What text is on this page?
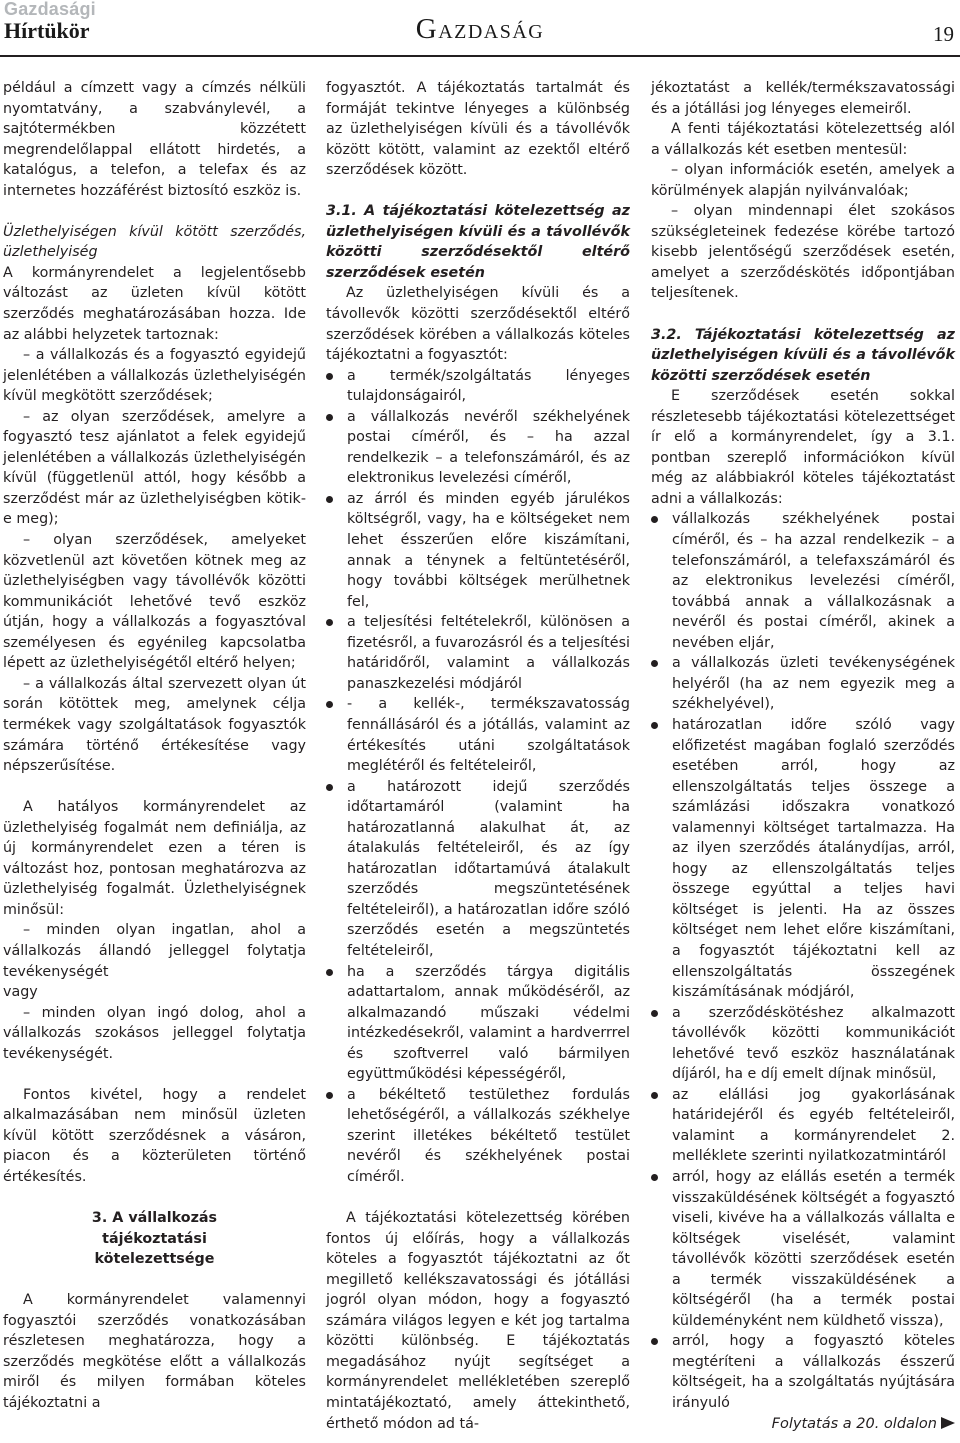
Gazdasági
Hírtükör	Gazdaság	19

például a címzett vagy a címzés nélküli nyomtatvány, a szabványlevél, a sajtótermékben közzétett megrendelőlappal ellátott hirdetés, a katalógus, a telefon, a telefax és az internetes hozzáférést biztosító eszköz is.

Üzlethelyiségen kívül kötött szerződés, üzlethelyiség

A kormányrendelet a legjelentősebb változást az üzleten kívül kötött szerződés meghatározásában hozza. Ide az alábbi helyzetek tartoznak:

– a vállalkozás és a fogyasztó egyidejű jelenlétében a vállalkozás üzlethelyiségén kívül megkötött szerződések;

– az olyan szerződések, amelyre a fogyasztó tesz ajánlatot a felek egyidejű jelenlétében a vállalkozás üzlethelyiségén kívül (függetlenül attól, hogy később a szerződést már az üzlethelyiségben kötik-e meg);

– olyan szerződések, amelyeket közvetlenül azt követően kötnek meg az üzlethelyiségben vagy távollévők közötti kommunikációt lehetővé tevő eszköz útján, hogy a vállalkozás a fogyasztóval személyesen és egyénileg kapcsolatba lépett az üzlethelyiségétől eltérő helyen;

– a vállalkozás által szervezett olyan út során kötöttek meg, amelynek célja termékek vagy szolgáltatások fogyasztók számára történő értékesítése vagy népszerűsítése.

A hatályos kormányrendelet az üzlethelyiség fogalmát nem definiálja, az új kormányrendelet ezen a téren is változást hoz, pontosan meghatározva az üzlethelyiség fogalmát. Üzlethelyiségnek minősül:

– minden olyan ingatlan, ahol a vállalkozás állandó jelleggel folytatja tevékenységét

vagy

– minden olyan ingó dolog, ahol a vállalkozás szokásos jelleggel folytatja tevékenységét.

Fontos kivétel, hogy a rendelet alkalmazásában nem minősül üzleten kívül kötött szerződésnek a vásáron, piacon és a közterületen történő értékesítés.

3. A vállalkozás tájékoztatási kötelezettsége

A kormányrendelet valamennyi fogyasztói szerződés vonatkozásában részletesen meghatározza, hogy a szerződés megkötése előtt a vállalkozás miről és milyen formában köteles tájékoztatni a

fogyasztót. A tájékoztatás tartalmát és formáját tekintve lényeges a különbség az üzlethelyiségen kívüli és a távollévők között kötött, valamint az ezektől eltérő szerződések között.

3.1. A tájékoztatási kötelezettség az üzlethelyiségen kívüli és a távollévők közötti szerződésektől eltérő szerződések esetén

Az üzlethelyiségen kívüli és a távollevők közötti szerződésektől eltérő szerződések körében a vállalkozás köteles tájékoztatni a fogyasztót:

a termék/szolgáltatás lényeges tulajdonságairól,

a vállalkozás nevéről székhelyének postai címéről, és – ha azzal rendelkezik – a telefonszámáról, és az elektronikus levelezési címéről,

az árról és minden egyéb járulékos költségről, vagy, ha e költségeket nem lehet ésszerűen előre kiszámítani, annak a ténynek a feltüntetéséről, hogy további költségek merülhetnek fel,

a teljesítési feltételekről, különösen a fizetésről, a fuvarozásról és a teljesítési határidőről, valamint a vállalkozás panaszkezelési módjáról

- a kellék-, termékszavatosság fennállásáról és a jótállás, valamint az értékesítés utáni szolgáltatások meglétéről és feltételeiről,

a határozott idejű szerződés időtartamáról (valamint ha határozatlanná alakulhat át, az átalakulás feltételeiről, és az így határozatlan időtartamúvá átalakult szerződés megszüntetésének feltételeiről), a határozatlan időre szóló szerződés esetén a megszüntetés feltételeiről,

ha a szerződés tárgya digitális adattartalom, annak működéséről, az alkalmazandó műszaki védelmi intézkedésekről, valamint a hardverrrel és szoftverrel való bármilyen együttműködési képességéről,

a békéltető testülethez fordulás lehetőségéről, a vállalkozás székhelye szerint illetékes békéltető testület nevéről és székhelyének postai címéről.

A tájékoztatási kötelezettség körében fontos új előírás, hogy a vállalkozás köteles a fogyasztót tájékoztatni az őt megillető kellékszavatossági és jótállási jogról olyan módon, hogy a fogyasztó számára világos legyen e két jog tartalma közötti különbség. E tájékoztatás megadásához nyújt segítséget a kormányrendelet mellékletében szereplő mintatájékoztató, amely áttekinthető, érthető módon ad tá-

jékoztatást a kellék/termékszavatossági és a jótállási jog lényeges elemeiről.

A fenti tájékoztatási kötelezettség alól a vállalkozás két esetben mentesül:

– olyan információk esetén, amelyek a körülmények alapján nyilvánvalóak;

– olyan mindennapi élet szokásos szükségleteinek fedezése körébe tartozó kisebb jelentőségű szerződések esetén, amelyet a szerződéskötés időpontjában teljesítenek.

3.2. Tájékoztatási kötelezettség az üzlethelyiségen kívüli és a távollévők közötti szerződések esetén

E szerződések esetén sokkal részletesebb tájékoztatási kötelezettséget ír elő a kormányrendelet, így a 3.1. pontban szereplő információkon kívül még az alábbiakról köteles tájékoztatást adni a vállalkozás:

vállalkozás székhelyének postai címéről, és – ha azzal rendelkezik – a telefonszámáról, a telefaxszámáról és az elektronikus levelezési címéről, továbbá annak a vállalkozásnak a nevéről és postai címéről, akinek a nevében eljár,

a vállalkozás üzleti tevékenységének helyéről (ha az nem egyezik meg a székhelyével),

határozatlan időre szóló vagy előfizetést magában foglaló szerződés esetében arról, hogy az ellenszolgáltatás teljes összege a számlázási időszakra vonatkozó valamennyi költséget tartalmazza. Ha az ilyen szerződés átalánydíjas, arról, hogy az ellenszolgáltatás teljes összege egyúttal a teljes havi költséget is jelenti. Ha az összes költséget nem lehet előre kiszámítani, a fogyasztót tájékoztatni kell az ellenszolgáltatás összegének kiszámításának módjáról,

a szerződéskötéshez alkalmazott távollévők közötti kommunikációt lehetővé tevő eszköz használatának díjáról, ha e díj emelt díjnak minősül,

az elállási jog gyakorlásának határidejéről és egyéb feltételeiről, valamint a kormányrendelet 2. melléklete szerinti nyilatkozatmintáról

arról, hogy az elállás esetén a termék visszaküldésének költségét a fogyasztó viseli, kivéve ha a vállalkozás vállalta e költségek viselését, valamint távollévők közötti szerződések esetén a termék visszaküldésének a költségéről (ha a termék postai küldeményként nem küldhető vissza),

arról, hogy a fogyasztó köteles megtéríteni a vállalkozás ésszerű költségeit, ha a szolgáltatás nyújtására irányuló

Folytatás a 20. oldalon
